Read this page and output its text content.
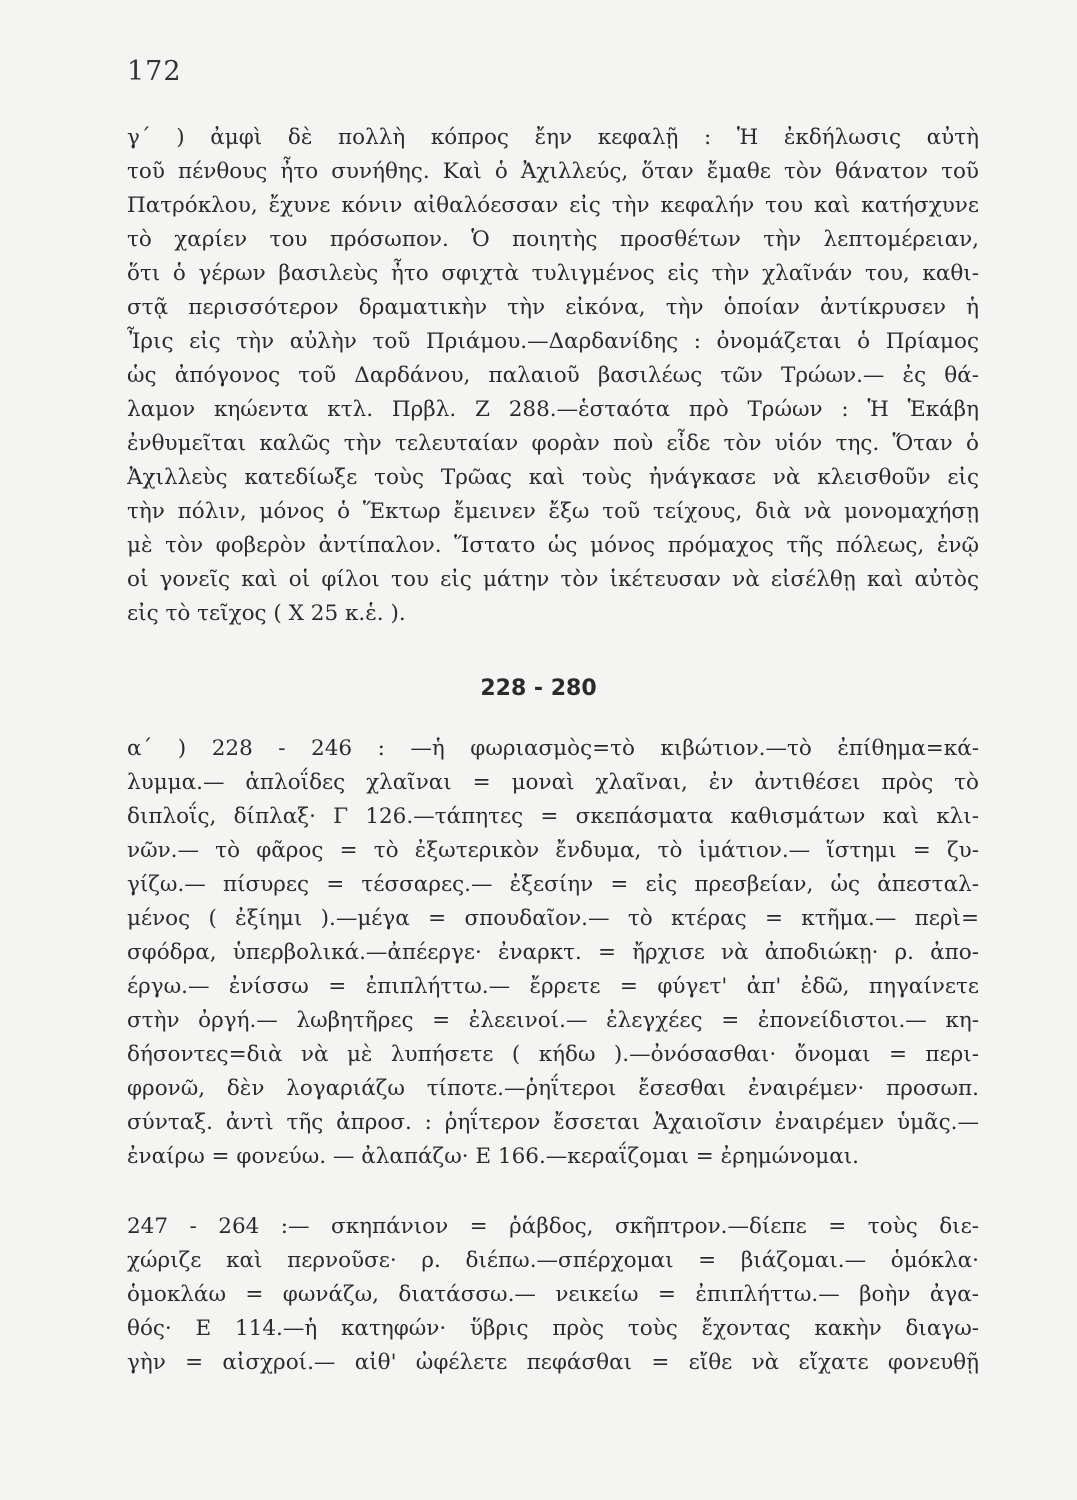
172
γ΄ ) ἀμφὶ δὲ πολλὴ κόπρος ἔην κεφαλῇ : Ἡ ἐκδήλωσις αὐτὴ
τοῦ πένθους ἦτο συνήθης. Καὶ ὁ Ἀχιλλεύς, ὅταν ἔμαθε τὸν θάνατον τοῦ
Πατρόκλου, ἔχυνε κόνιν αἰθαλόεσσαν εἰς τὴν κεφαλήν του καὶ κατήσχυνε
τὸ χαρίεν του πρόσωπον. Ὁ ποιητὴς προσθέτων τὴν λεπτομέρειαν,
ὅτι ὁ γέρων βασιλεὺς ἦτο σφιχτὰ τυλιγμένος εἰς τὴν χλαῖνάν του, καθι-
στᾷ περισσότερον δραματικὴν τὴν εἰκόνα, τὴν ὁποίαν ἀντίκρυσεν ἡ
Ἶρις εἰς τὴν αὐλὴν τοῦ Πριάμου.—Δαρδανίδης : ὀνομάζεται ὁ Πρίαμος
ὡς ἀπόγονος τοῦ Δαρδάνου, παλαιοῦ βασιλέως τῶν Τρώων.— ἐς θά-
λαμον κηώεντα κτλ. Πρβλ. Ζ 288.—ἑσταότα πρὸ Τρώων : Ἡ Ἑκάβη
ἐνθυμεῖται καλῶς τὴν τελευταίαν φορὰν ποὺ εἶδε τὸν υἱόν της. Ὅταν ὁ
Ἀχιλλεὺς κατεδίωξε τοὺς Τρῶας καὶ τοὺς ἠνάγκασε νὰ κλεισθοῦν εἰς
τὴν πόλιν, μόνος ὁ Ἕκτωρ ἔμεινεν ἔξω τοῦ τείχους, διὰ νὰ μονομαχήσῃ
μὲ τὸν φοβερὸν ἀντίπαλον. Ἵστατο ὡς μόνος πρόμαχος τῆς πόλεως, ἐνῷ
οἱ γονεῖς καὶ οἱ φίλοι του εἰς μάτην τὸν ἱκέτευσαν νὰ εἰσέλθῃ καὶ αὐτὸς
εἰς τὸ τεῖχος ( Χ 25 κ.ἑ. ).
228 - 280
α΄ ) 228 - 246 : —ἡ φωριασμὸς=τὸ κιβώτιον.—τὸ ἐπίθημα=κά-
λυμμα.— ἁπλοΐδες χλαῖναι = μοναὶ χλαῖναι, ἐν ἀντιθέσει πρὸς τὸ
διπλοΐς, δίπλαξ· Γ 126.—τάπητες = σκεπάσματα καθισμάτων καὶ κλι-
νῶν.— τὸ φᾶρος = τὸ ἐξωτερικὸν ἔνδυμα, τὸ ἱμάτιον.— ἵστημι = ζυ-
γίζω.— πίσυρες = τέσσαρες.— ἐξεσίην = εἰς πρεσβείαν, ὡς ἀπεσταλ-
μένος ( ἐξίημι ).—μέγα = σπουδαῖον.— τὸ κτέρας = κτῆμα.— περὶ=
σφόδρα, ὑπερβολικά.—ἀπέεργε· ἐναρκτ. = ἤρχισε νὰ ἀποδιώκῃ· ρ. ἀπο-
έργω.— ἐνίσσω = ἐπιπλήττω.— ἔρρετε = φύγετ' ἀπ' ἐδῶ, πηγαίνετε
στὴν ὀργή.— λωβητῆρες = ἐλεεινοί.— ἐλεγχέες = ἐπονείδιστοι.— κη-
δήσοντες=διὰ νὰ μὲ λυπήσετε ( κήδω ).—ὀνόσασθαι· ὄνομαι = περι-
φρονῶ, δὲν λογαριάζω τίποτε.—ῥηΐτεροι ἔσεσθαι ἐναιρέμεν· προσωπ.
σύνταξ. ἀντὶ τῆς ἀπροσ. : ῥηΐτερον ἔσσεται Ἀχαιοῖσιν ἐναιρέμεν ὑμᾶς.—
ἐναίρω = φονεύω. — ἀλαπάζω· Ε 166.—κεραΐζομαι = ἐρημώνομαι.
247 - 264 :— σκηπάνιον = ῥάβδος, σκῆπτρον.—δίεπε = τοὺς διε-
χώριζε καὶ περνοῦσε· ρ. διέπω.—σπέρχομαι = βιάζομαι.— ὁμόκλα·
ὁμοκλάω = φωνάζω, διατάσσω.— νεικείω = ἐπιπλήττω.— βοὴν ἀγα-
θός· Ε 114.—ἡ κατηφών· ὕβρις πρὸς τοὺς ἔχοντας κακὴν διαγω-
γὴν = αἰσχροί.— αἰθ' ὠφέλετε πεφάσθαι = εἴθε νὰ εἴχατε φονευθῇ
